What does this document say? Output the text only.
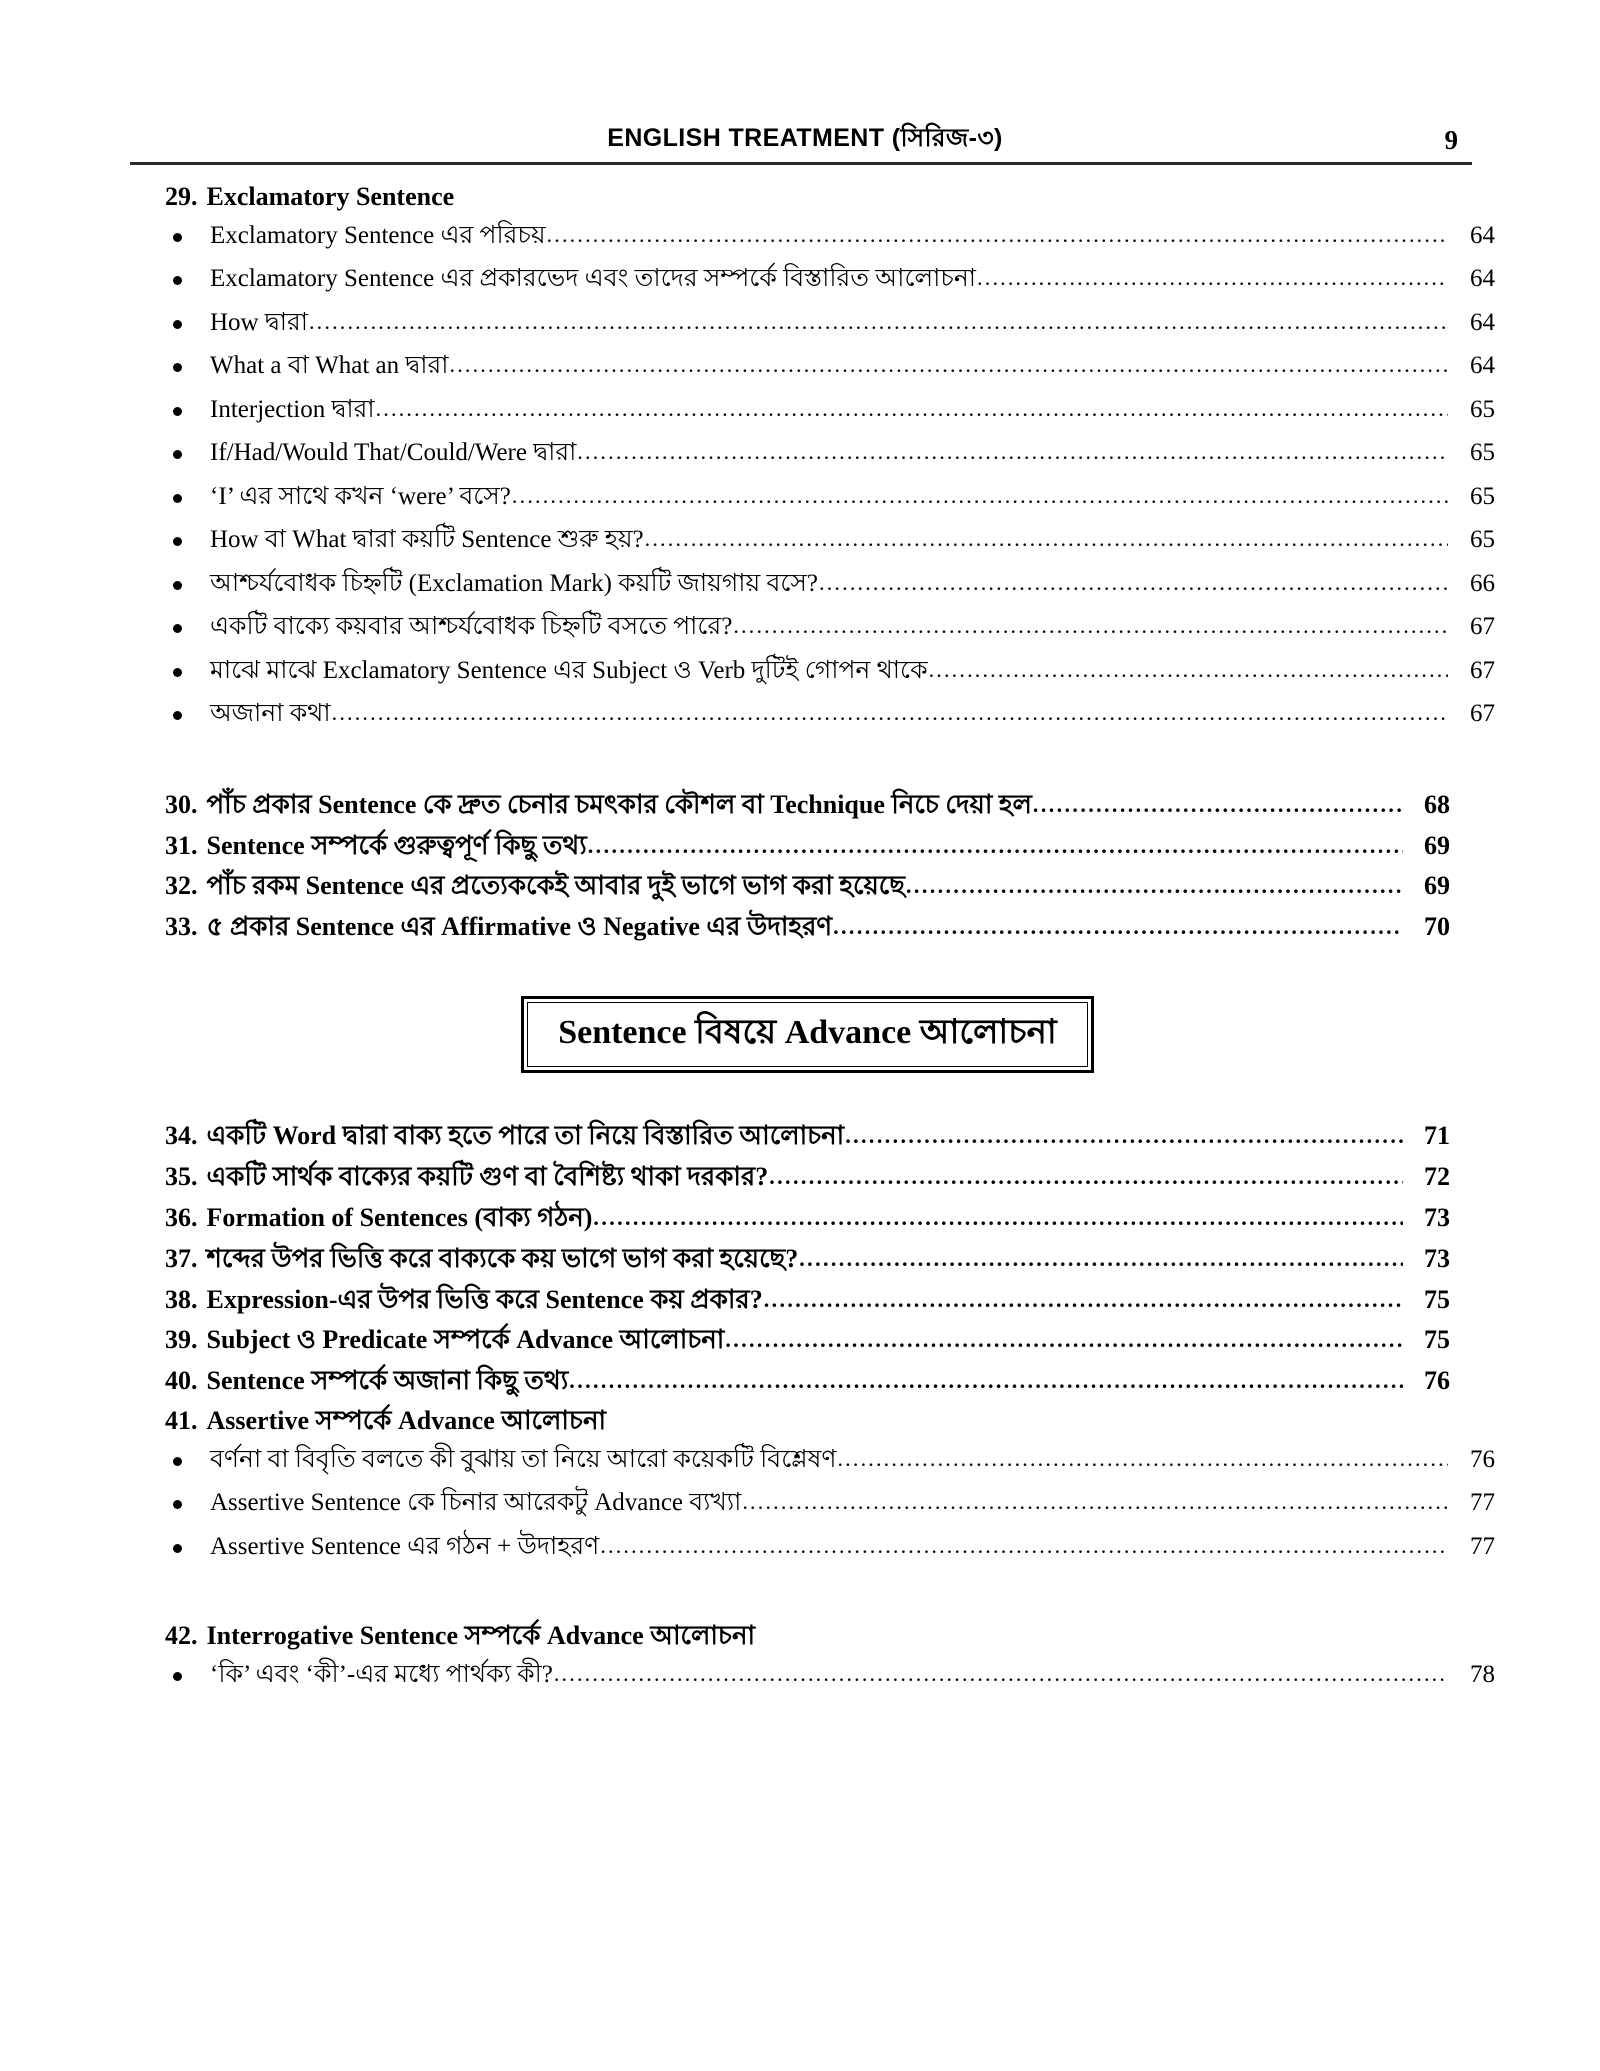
ENGLISH TREATMENT (সিরিজ-৩)	9
29. Exclamatory Sentence
Exclamatory Sentence এর পরিচয় .....	64
Exclamatory Sentence এর প্রকারভেদ এবং তাদের সম্পর্কে বিস্তারিত আলোচনা .....	64
How দ্বারা .....	64
What a বা What an দ্বারা .....	64
Interjection দ্বারা .....	65
If/Had/Would That/Could/Were দ্বারা .....	65
‘I’ এর সাথে কখন ‘were’ বসে? .....	65
How বা What দ্বারা কয়টি Sentence শুরু হয়? .....	65
আশ্চর্যবোধক চিহ্নটি (Exclamation Mark) কয়টি জায়গায় বসে? .....	66
একটি বাক্যে কয়বার আশ্চর্যবোধক চিহ্নটি বসতে পারে? .....	67
মাঝে মাঝে Exclamatory Sentence এর Subject ও Verb দুটিই গোপন থাকে .....	67
অজানা কথা .....	67
30. পাঁচ প্রকার Sentence কে দ্রুত চেনার চমৎকার কৌশল বা Technique নিচে দেয়া হল .....	68
31. Sentence সম্পর্কে গুরুত্বপূর্ণ কিছু তথ্য .....	69
32. পাঁচ রকম Sentence এর প্রত্যেককেই আবার দুই ভাগে ভাগ করা হয়েছে .....	69
33. ৫ প্রকার Sentence এর Affirmative ও Negative এর উদাহরণ .....	70
Sentence বিষয়ে Advance আলোচনা
34. একটি Word দ্বারা বাক্য হতে পারে তা নিয়ে বিস্তারিত আলোচনা .....	71
35. একটি সার্থক বাক্যের কয়টি গুণ বা বৈশিষ্ট্য থাকা দরকার? .....	72
36. Formation of Sentences (বাক্য গঠন) .....	73
37. শব্দের উপর ভিত্তি করে বাক্যকে কয় ভাগে ভাগ করা হয়েছে? .....	73
38. Expression-এর উপর ভিত্তি করে Sentence কয় প্রকার? .....	75
39. Subject ও Predicate সম্পর্কে Advance আলোচনা .....	75
40. Sentence সম্পর্কে অজানা কিছু তথ্য .....	76
41. Assertive সম্পর্কে Advance আলোচনা
বর্ণনা বা বিবৃতি বলতে কী বুঝায় তা নিয়ে আরো কয়েকটি বিশ্লেষণ .....	76
Assertive Sentence কে চিনার আরেকটু Advance ব্যখ্যা .....	77
Assertive Sentence এর গঠন + উদাহরণ .....	77
42. Interrogative Sentence সম্পর্কে Advance আলোচনা
‘কি’ এবং ‘কী’-এর মধ্যে পার্থক্য কী? .....	78
